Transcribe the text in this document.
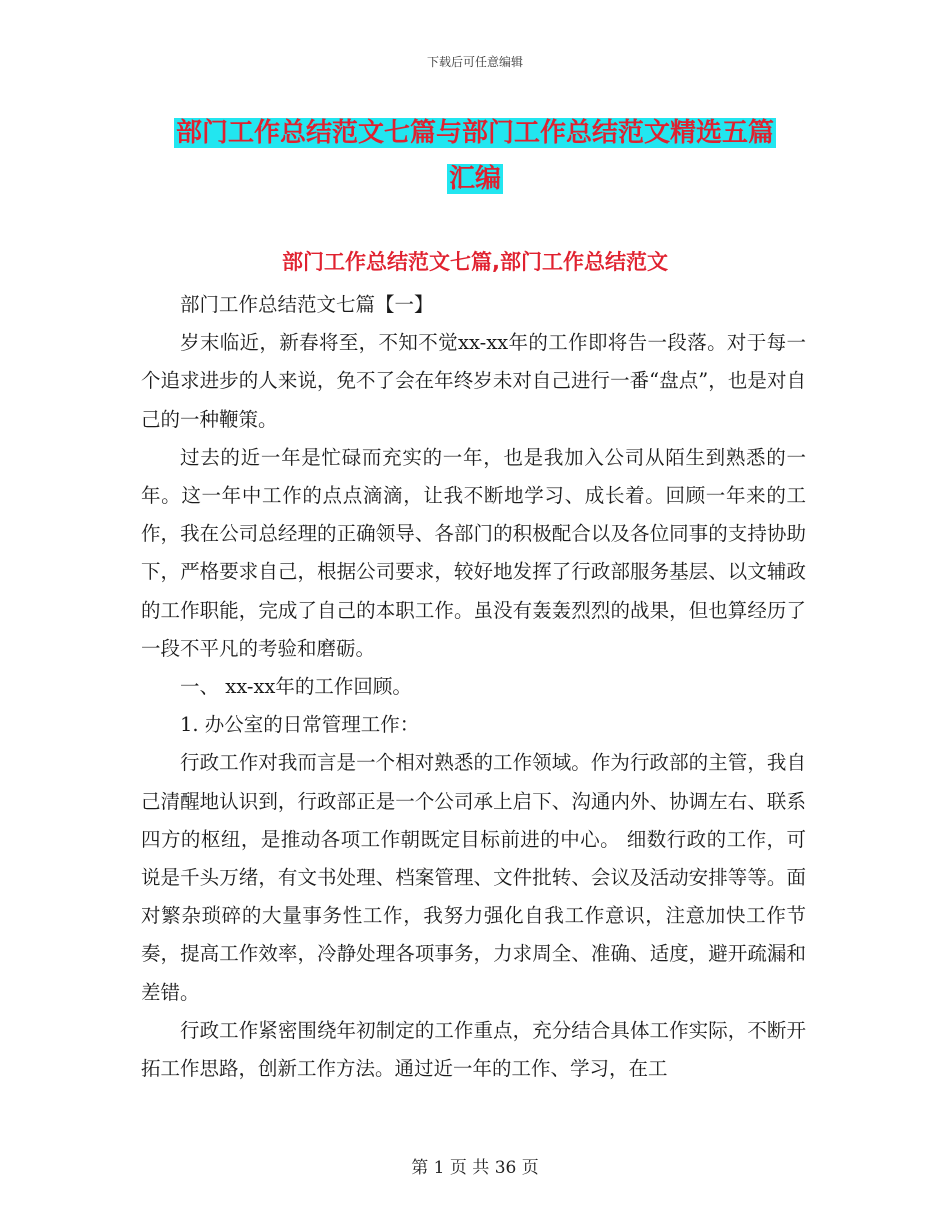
下载后可任意编辑
部门工作总结范文七篇与部门工作总结范文精选五篇
汇编
部门工作总结范文七篇,部门工作总结范文

部门工作总结范文七篇【一】

岁末临近，新春将至，不知不觉xx-xx年的工作即将告一段落。对于每一个追求进步的人来说，免不了会在年终岁未对自己进行一番“盘点”，也是对自己的一种鞭策。

过去的近一年是忙碌而充实的一年，也是我加入公司从陌生到熟悉的一年。这一年中工作的点点滴滴，让我不断地学习、成长着。回顾一年来的工作，我在公司总经理的正确领导、各部门的积极配合以及各位同事的支持协助下，严格要求自己，根据公司要求，较好地发挥了行政部服务基层、以文辅政的工作职能，完成了自己的本职工作。虽没有轰轰烈烈的战果，但也算经历了一段不平凡的考验和磨砺。

一、 xx-xx年的工作回顾。

1. 办公室的日常管理工作：

行政工作对我而言是一个相对熟悉的工作领域。作为行政部的主管，我自己清醒地认识到，行政部正是一个公司承上启下、沟通内外、协调左右、联系四方的枢纽，是推动各项工作朝既定目标前进的中心。 细数行政的工作，可说是千头万绪，有文书处理、档案管理、文件批转、会议及活动安排等等。面对繁杂琐碎的大量事务性工作，我努力强化自我工作意识，注意加快工作节奏，提高工作效率，冷静处理各项事务，力求周全、准确、适度，避开疏漏和差错。

行政工作紧密围绕年初制定的工作重点，充分结合具体工作实际，不断开拓工作思路，创新工作方法。通过近一年的工作、学习，在工

第 1 页 共 36 页
